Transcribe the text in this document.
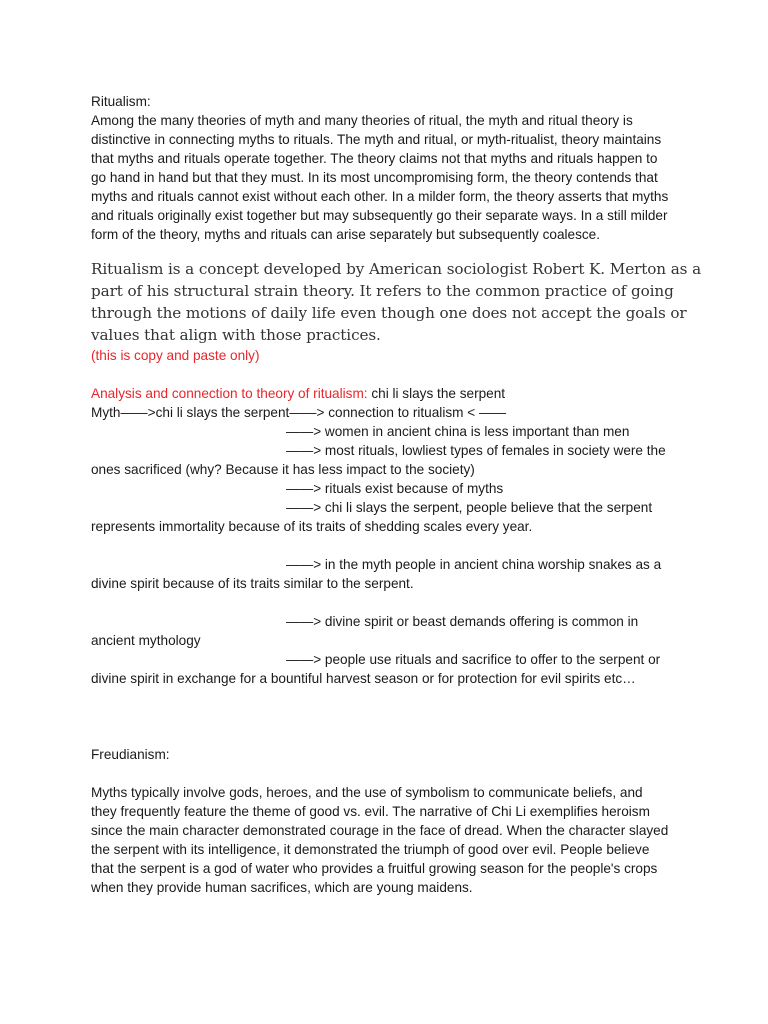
Ritualism:
Among the many theories of myth and many theories of ritual, the myth and ritual theory is
distinctive in connecting myths to rituals. The myth and ritual, or myth-ritualist, theory maintains
that myths and rituals operate together. The theory claims not that myths and rituals happen to
go hand in hand but that they must. In its most uncompromising form, the theory contends that
myths and rituals cannot exist without each other. In a milder form, the theory asserts that myths
and rituals originally exist together but may subsequently go their separate ways. In a still milder
form of the theory, myths and rituals can arise separately but subsequently coalesce.
Ritualism is a concept developed by American sociologist Robert K. Merton as a
part of his structural strain theory. It refers to the common practice of going
through the motions of daily life even though one does not accept the goals or
values that align with those practices.
(this is copy and paste only)
Analysis and connection to theory of ritualism: chi li slays the serpent
Myth——>chi li slays the serpent——> connection to ritualism < ——
——> women in ancient china is less important than men
——> most rituals, lowliest types of females in society were the
ones sacrificed (why? Because it has less impact to the society)
——> rituals exist because of myths
——> chi li slays the serpent, people believe that the serpent
represents immortality because of its traits of shedding scales every year.
——> in the myth people in ancient china worship snakes as a
divine spirit because of its traits similar to the serpent.
——> divine spirit or beast demands offering is common in
ancient mythology
——> people use rituals and sacrifice to offer to the serpent or
divine spirit in exchange for a bountiful harvest season or for protection for evil spirits etc…
Freudianism:
Myths typically involve gods, heroes, and the use of symbolism to communicate beliefs, and
they frequently feature the theme of good vs. evil. The narrative of Chi Li exemplifies heroism
since the main character demonstrated courage in the face of dread. When the character slayed
the serpent with its intelligence, it demonstrated the triumph of good over evil. People believe
that the serpent is a god of water who provides a fruitful growing season for the people's crops
when they provide human sacrifices, which are young maidens.
